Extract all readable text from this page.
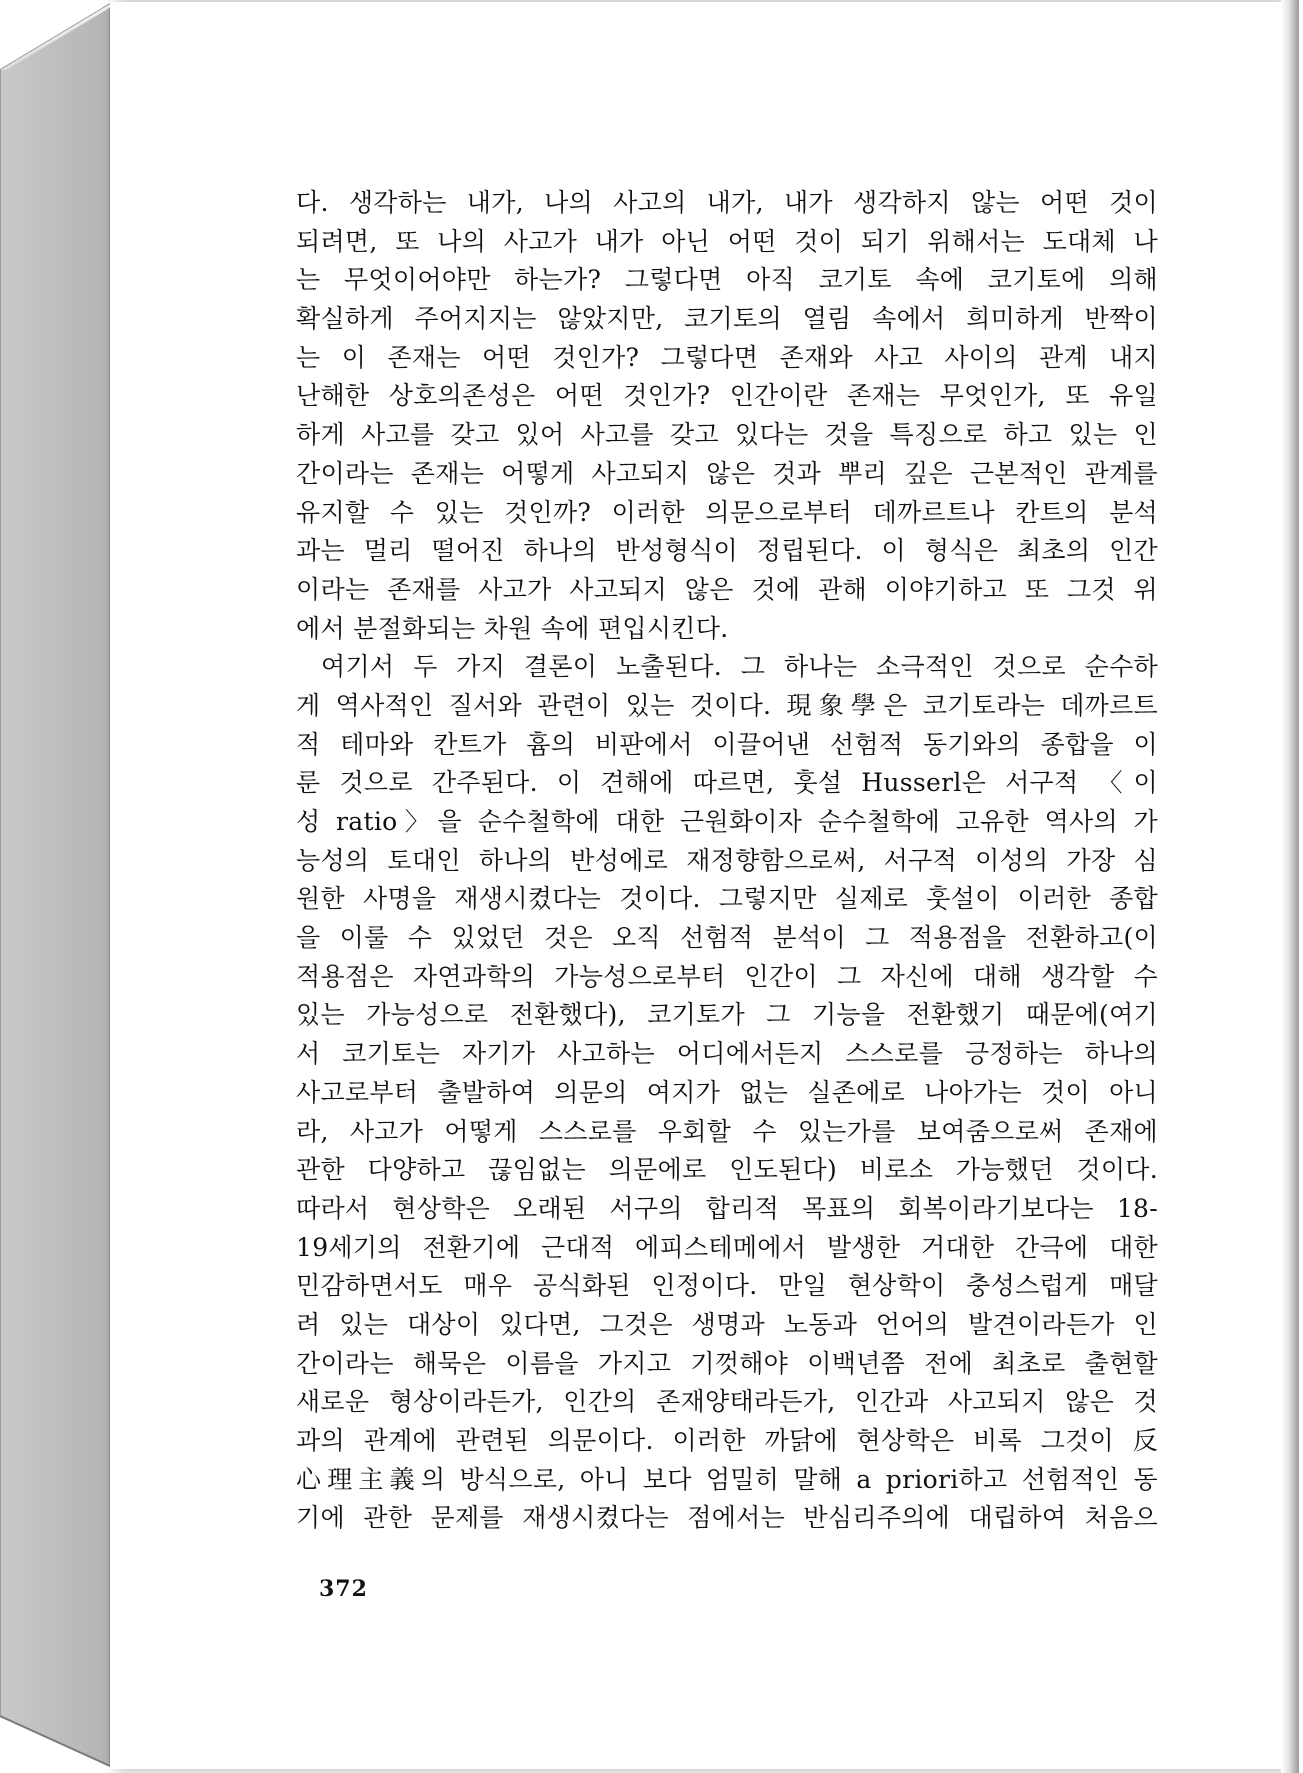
다. 생각하는 내가, 나의 사고의 내가, 내가 생각하지 않는 어떤 것이
되려면, 또 나의 사고가 내가 아닌 어떤 것이 되기 위해서는 도대체 나
는 무엇이어야만 하는가? 그렇다면 아직 코기토 속에 코기토에 의해
확실하게 주어지지는 않았지만, 코기토의 열림 속에서 희미하게 반짝이
는 이 존재는 어떤 것인가? 그렇다면 존재와 사고 사이의 관계 내지
난해한 상호의존성은 어떤 것인가? 인간이란 존재는 무엇인가, 또 유일
하게 사고를 갖고 있어 사고를 갖고 있다는 것을 특징으로 하고 있는 인
간이라는 존재는 어떻게 사고되지 않은 것과 뿌리 깊은 근본적인 관계를
유지할 수 있는 것인까? 이러한 의문으로부터 데까르트나 칸트의 분석
과는 멀리 떨어진 하나의 반성형식이 정립된다. 이 형식은 최초의 인간
이라는 존재를 사고가 사고되지 않은 것에 관해 이야기하고 또 그것 위
에서 분절화되는 차원 속에 편입시킨다.
여기서 두 가지 결론이 노출된다. 그 하나는 소극적인 것으로 순수하
게 역사적인 질서와 관련이 있는 것이다. 現象學은 코기토라는 데까르트
적 테마와 칸트가 흄의 비판에서 이끌어낸 선험적 동기와의 종합을 이
룬 것으로 간주된다. 이 견해에 따르면, 훗설 Husserl은 서구적 〈이
성 ratio〉을 순수철학에 대한 근원화이자 순수철학에 고유한 역사의 가
능성의 토대인 하나의 반성에로 재정향함으로써, 서구적 이성의 가장 심
원한 사명을 재생시켰다는 것이다. 그렇지만 실제로 훗설이 이러한 종합
을 이룰 수 있었던 것은 오직 선험적 분석이 그 적용점을 전환하고(이
적용점은 자연과학의 가능성으로부터 인간이 그 자신에 대해 생각할 수
있는 가능성으로 전환했다), 코기토가 그 기능을 전환했기 때문에(여기
서 코기토는 자기가 사고하는 어디에서든지 스스로를 긍정하는 하나의
사고로부터 출발하여 의문의 여지가 없는 실존에로 나아가는 것이 아니
라, 사고가 어떻게 스스로를 우회할 수 있는가를 보여줌으로써 존재에
관한 다양하고 끊임없는 의문에로 인도된다) 비로소 가능했던 것이다.
따라서 현상학은 오래된 서구의 합리적 목표의 회복이라기보다는 18-
19세기의 전환기에 근대적 에피스테메에서 발생한 거대한 간극에 대한
민감하면서도 매우 공식화된 인정이다. 만일 현상학이 충성스럽게 매달
려 있는 대상이 있다면, 그것은 생명과 노동과 언어의 발견이라든가 인
간이라는 해묵은 이름을 가지고 기껏해야 이백년쯤 전에 최초로 출현할
새로운 형상이라든가, 인간의 존재양태라든가, 인간과 사고되지 않은 것
과의 관계에 관련된 의문이다. 이러한 까닭에 현상학은 비록 그것이 反
心理主義의 방식으로, 아니 보다 엄밀히 말해 a priori하고 선험적인 동
기에 관한 문제를 재생시켰다는 점에서는 반심리주의에 대립하여 처음으
372
